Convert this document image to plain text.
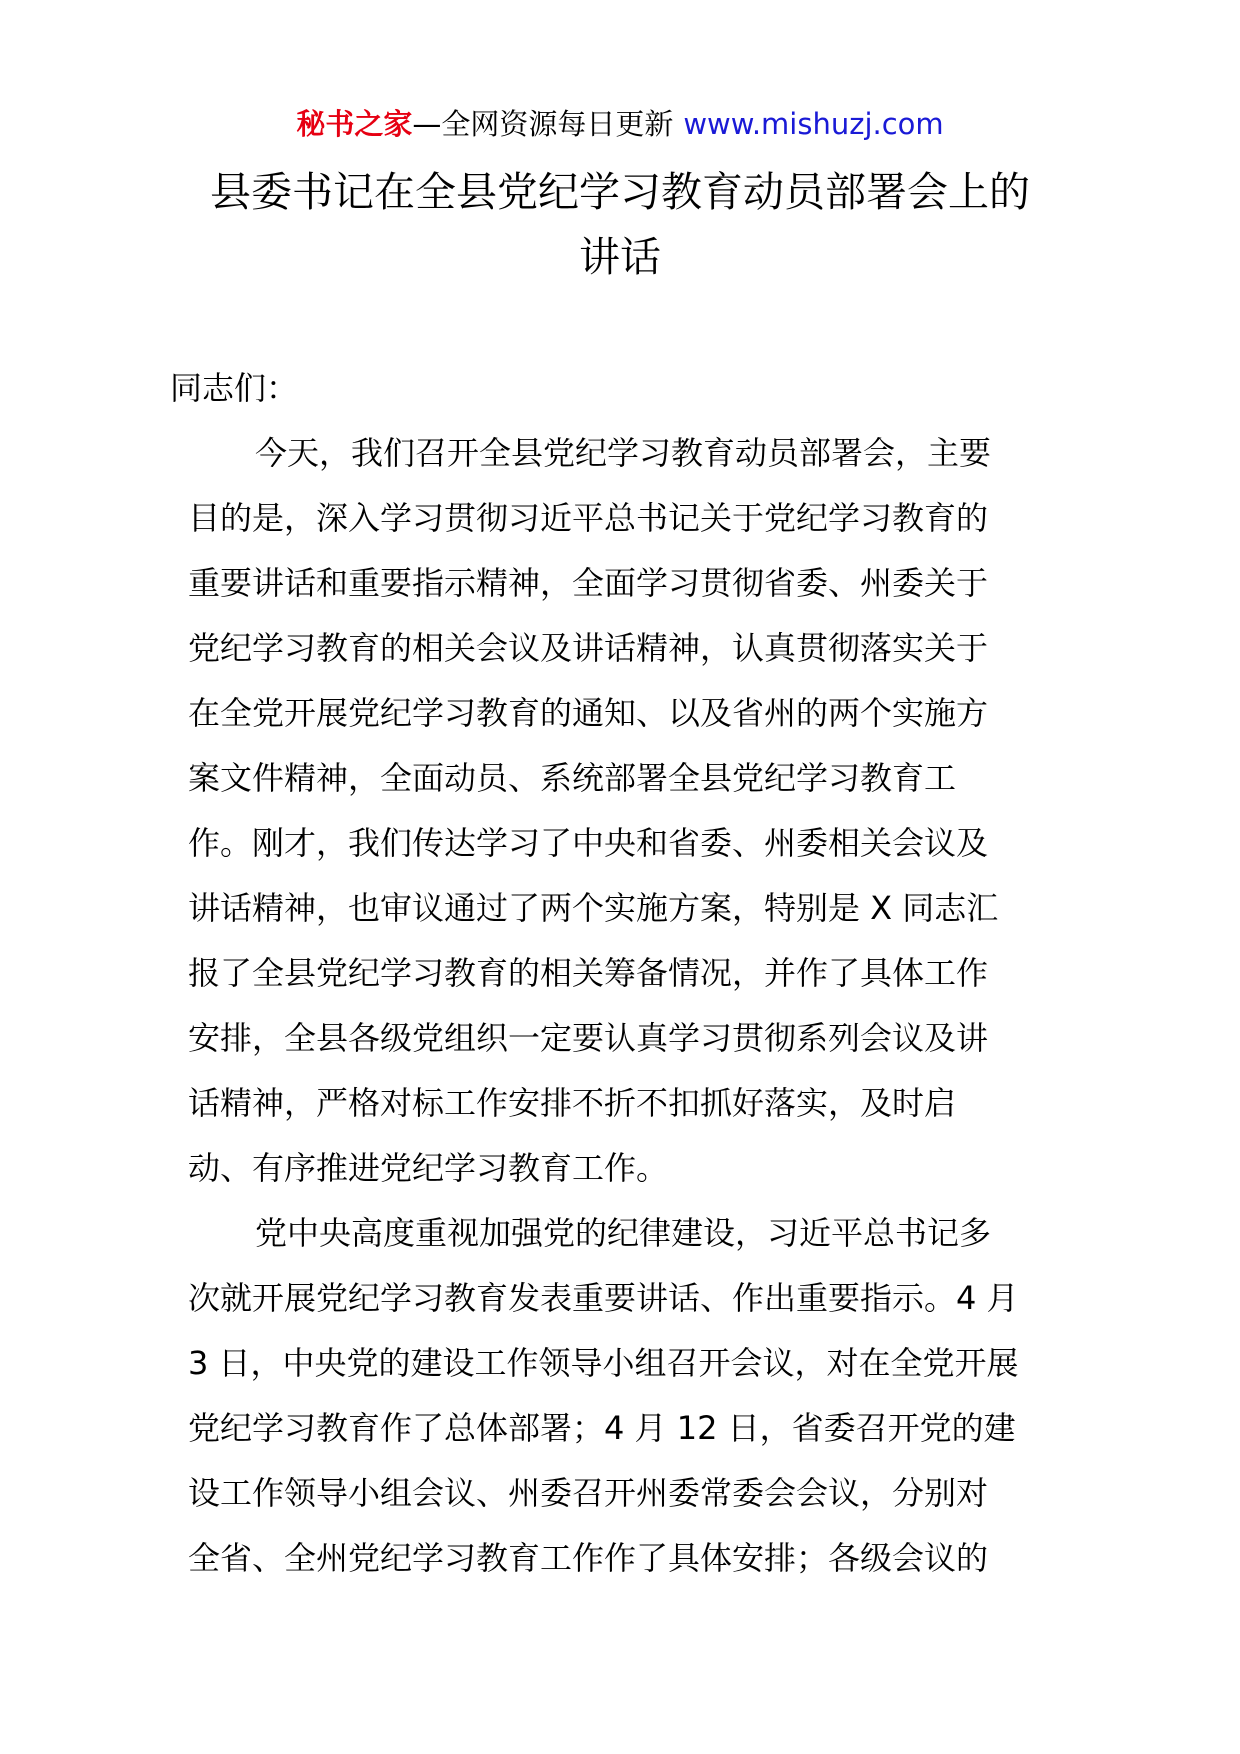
秘书之家—全网资源每日更新 www.mishuzj.com
县委书记在全县党纪学习教育动员部署会上的
讲话
同志们：
今天，我们召开全县党纪学习教育动员部署会，主要
目的是，深入学习贯彻习近平总书记关于党纪学习教育的
重要讲话和重要指示精神，全面学习贯彻省委、州委关于
党纪学习教育的相关会议及讲话精神，认真贯彻落实关于
在全党开展党纪学习教育的通知、以及省州的两个实施方
案文件精神，全面动员、系统部署全县党纪学习教育工
作。刚才，我们传达学习了中央和省委、州委相关会议及
讲话精神，也审议通过了两个实施方案，特别是 X 同志汇
报了全县党纪学习教育的相关筹备情况，并作了具体工作
安排，全县各级党组织一定要认真学习贯彻系列会议及讲
话精神，严格对标工作安排不折不扣抓好落实，及时启
动、有序推进党纪学习教育工作。
党中央高度重视加强党的纪律建设，习近平总书记多
次就开展党纪学习教育发表重要讲话、作出重要指示。4 月
3 日，中央党的建设工作领导小组召开会议，对在全党开展
党纪学习教育作了总体部署；4 月 12 日，省委召开党的建
设工作领导小组会议、州委召开州委常委会会议，分别对
全省、全州党纪学习教育工作作了具体安排；各级会议的
